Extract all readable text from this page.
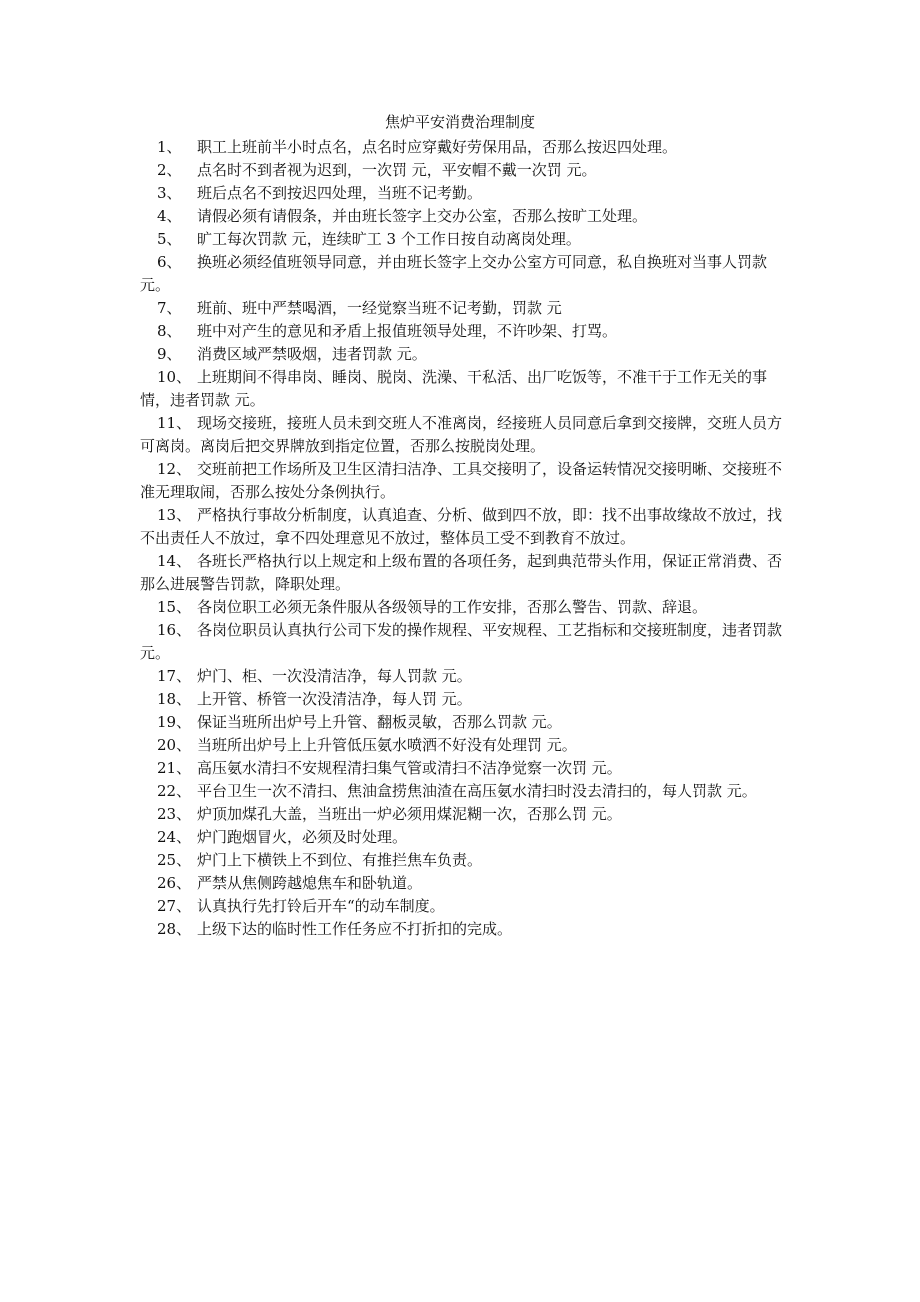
焦炉平安消费治理制度

1、 职工上班前半小时点名，点名时应穿戴好劳保用品，否那么按迟四处理。

2、 点名时不到者视为迟到，一次罚 元，平安帽不戴一次罚 元。

3、 班后点名不到按迟四处理，当班不记考勤。

4、 请假必须有请假条，并由班长签字上交办公室，否那么按旷工处理。

5、 旷工每次罚款 元，连续旷工 3 个工作日按自动离岗处理。

6、 换班必须经值班领导同意，并由班长签字上交办公室方可同意，私自换班对当事人罚款 元。

7、 班前、班中严禁喝酒，一经觉察当班不记考勤，罚款 元

8、 班中对产生的意见和矛盾上报值班领导处理，不许吵架、打骂。

9、 消费区域严禁吸烟，违者罚款 元。

10、 上班期间不得串岗、睡岗、脱岗、洗澡、干私活、出厂吃饭等，不准干于工作无关的事情，违者罚款 元。

11、 现场交接班，接班人员未到交班人不准离岗，经接班人员同意后拿到交接牌，交班人员方可离岗。离岗后把交界牌放到指定位置，否那么按脱岗处理。

12、 交班前把工作场所及卫生区清扫洁净、工具交接明了，设备运转情况交接明晰、交接班不准无理取闹，否那么按处分条例执行。

13、 严格执行事故分析制度，认真追查、分析、做到四不放，即：找不出事故缘故不放过，找不出责任人不放过，拿不四处理意见不放过，整体员工受不到教育不放过。

14、 各班长严格执行以上规定和上级布置的各项任务，起到典范带头作用，保证正常消费、否那么进展警告罚款，降职处理。

15、 各岗位职工必须无条件服从各级领导的工作安排，否那么警告、罚款、辞退。

16、 各岗位职员认真执行公司下发的操作规程、平安规程、工艺指标和交接班制度，违者罚款 元。

17、 炉门、柜、一次没清洁净，每人罚款 元。

18、 上开管、桥管一次没清洁净，每人罚 元。

19、 保证当班所出炉号上升管、翻板灵敏，否那么罚款 元。

20、 当班所出炉号上上升管低压氨水喷洒不好没有处理罚 元。

21、 高压氨水清扫不安规程清扫集气管或清扫不洁净觉察一次罚 元。

22、 平台卫生一次不清扫、焦油盒捞焦油渣在高压氨水清扫时没去清扫的，每人罚款 元。

23、 炉顶加煤孔大盖，当班出一炉必须用煤泥糊一次，否那么罚 元。

24、 炉门跑烟冒火，必须及时处理。

25、 炉门上下横铁上不到位、有推拦焦车负责。

26、 严禁从焦侧跨越熄焦车和卧轨道。

27、 认真执行先打铃后开车“的动车制度。

28、 上级下达的临时性工作任务应不打折扣的完成。
